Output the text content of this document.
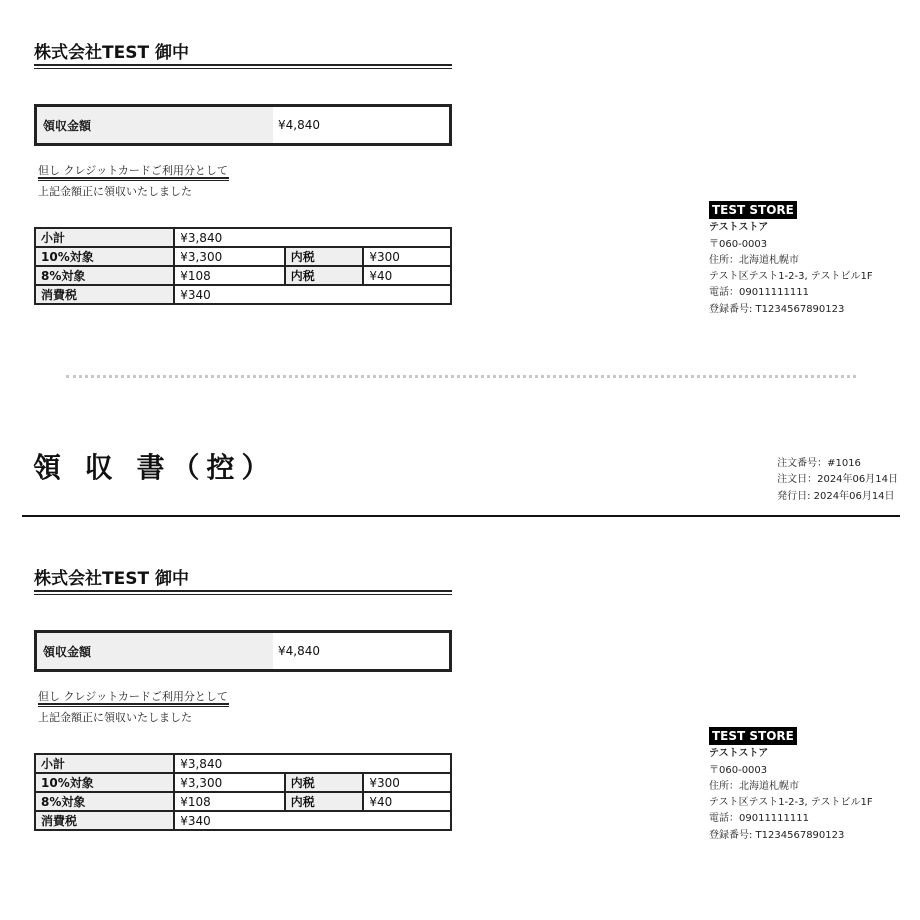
株式会社TEST 御中
領収金額	¥4,840
但し クレジットカードご利用分として
上記金額正に領収いたしました
小計	¥3,840		
10%対象	¥3,300	内税	¥300
8%対象	¥108	内税	¥40
消費税	¥340		
TEST STORE
テストストア
〒060-0003
住所：北海道札幌市
テスト区テスト1-2-3, テストビル1F
電話：09011111111
登録番号: T1234567890123
領 収 書（控）	注文番号：#1016
注文日：2024年06月14日
発行日: 2024年06月14日
株式会社TEST 御中
領収金額	¥4,840
但し クレジットカードご利用分として
上記金額正に領収いたしました
小計	¥3,840		
10%対象	¥3,300	内税	¥300
8%対象	¥108	内税	¥40
消費税	¥340		
TEST STORE
テストストア
〒060-0003
住所：北海道札幌市
テスト区テスト1-2-3, テストビル1F
電話：09011111111
登録番号: T1234567890123
